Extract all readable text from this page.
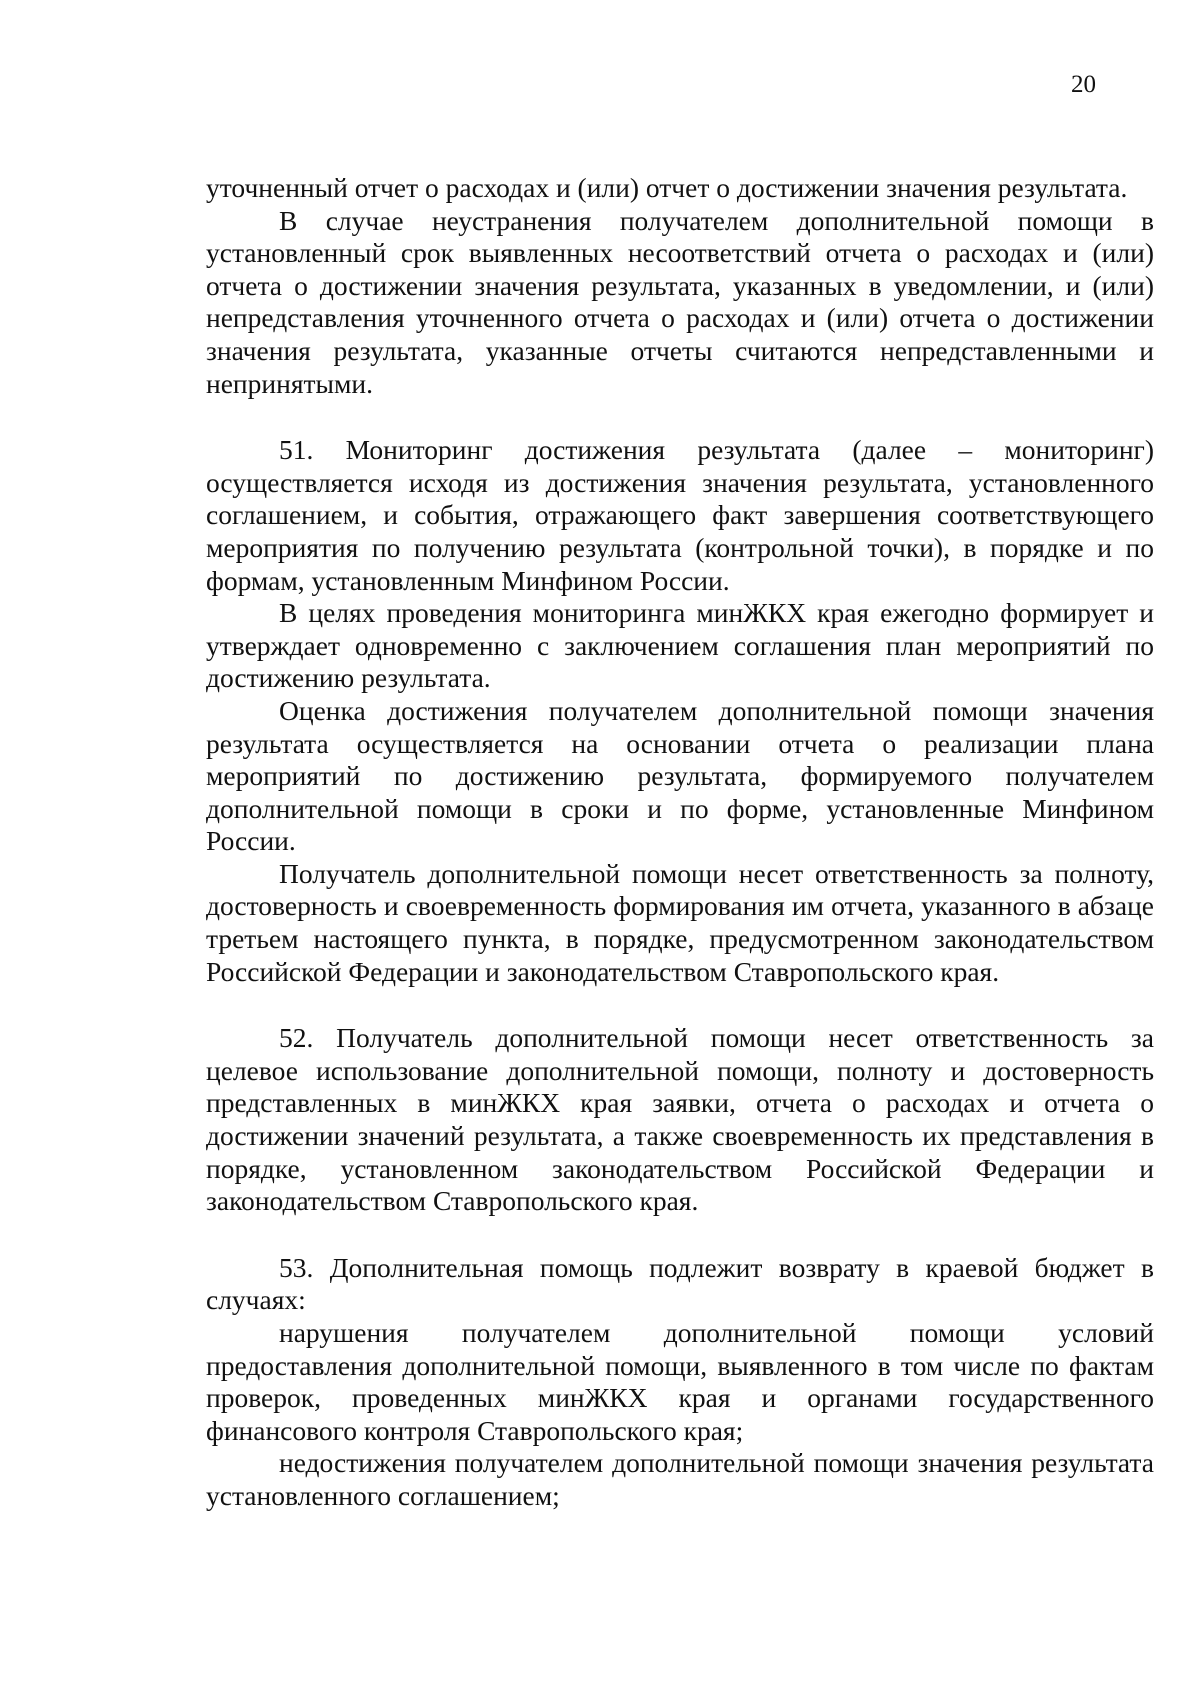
20

уточненный отчет о расходах и (или) отчет о достижении значения результата.

В случае неустранения получателем дополнительной помощи в установленный срок выявленных несоответствий отчета о расходах и (или) отчета о достижении значения результата, указанных в уведомлении, и (или) непредставления уточненного отчета о расходах и (или) отчета о достижении значения результата, указанные отчеты считаются непредставленными и непринятыми.

51. Мониторинг достижения результата (далее – мониторинг) осуществляется исходя из достижения значения результата, установленного соглашением, и события, отражающего факт завершения соответствующего мероприятия по получению результата (контрольной точки), в порядке и по формам, установленным Минфином России.

В целях проведения мониторинга минЖКХ края ежегодно формирует и утверждает одновременно с заключением соглашения план мероприятий по достижению результата.

Оценка достижения получателем дополнительной помощи значения результата осуществляется на основании отчета о реализации плана мероприятий по достижению результата, формируемого получателем дополнительной помощи в сроки и по форме, установленные Минфином России.

Получатель дополнительной помощи несет ответственность за полноту, достоверность и своевременность формирования им отчета, указанного в абзаце третьем настоящего пункта, в порядке, предусмотренном законодательством Российской Федерации и законодательством Ставропольского края.

52. Получатель дополнительной помощи несет ответственность за целевое использование дополнительной помощи, полноту и достоверность представленных в минЖКХ края заявки, отчета о расходах и отчета о достижении значений результата, а также своевременность их представления в порядке, установленном законодательством Российской Федерации и законодательством Ставропольского края.

53. Дополнительная помощь подлежит возврату в краевой бюджет в случаях:

нарушения получателем дополнительной помощи условий предоставления дополнительной помощи, выявленного в том числе по фактам проверок, проведенных минЖКХ края и органами государственного финансового контроля Ставропольского края;

недостижения получателем дополнительной помощи значения результата установленного соглашением;
